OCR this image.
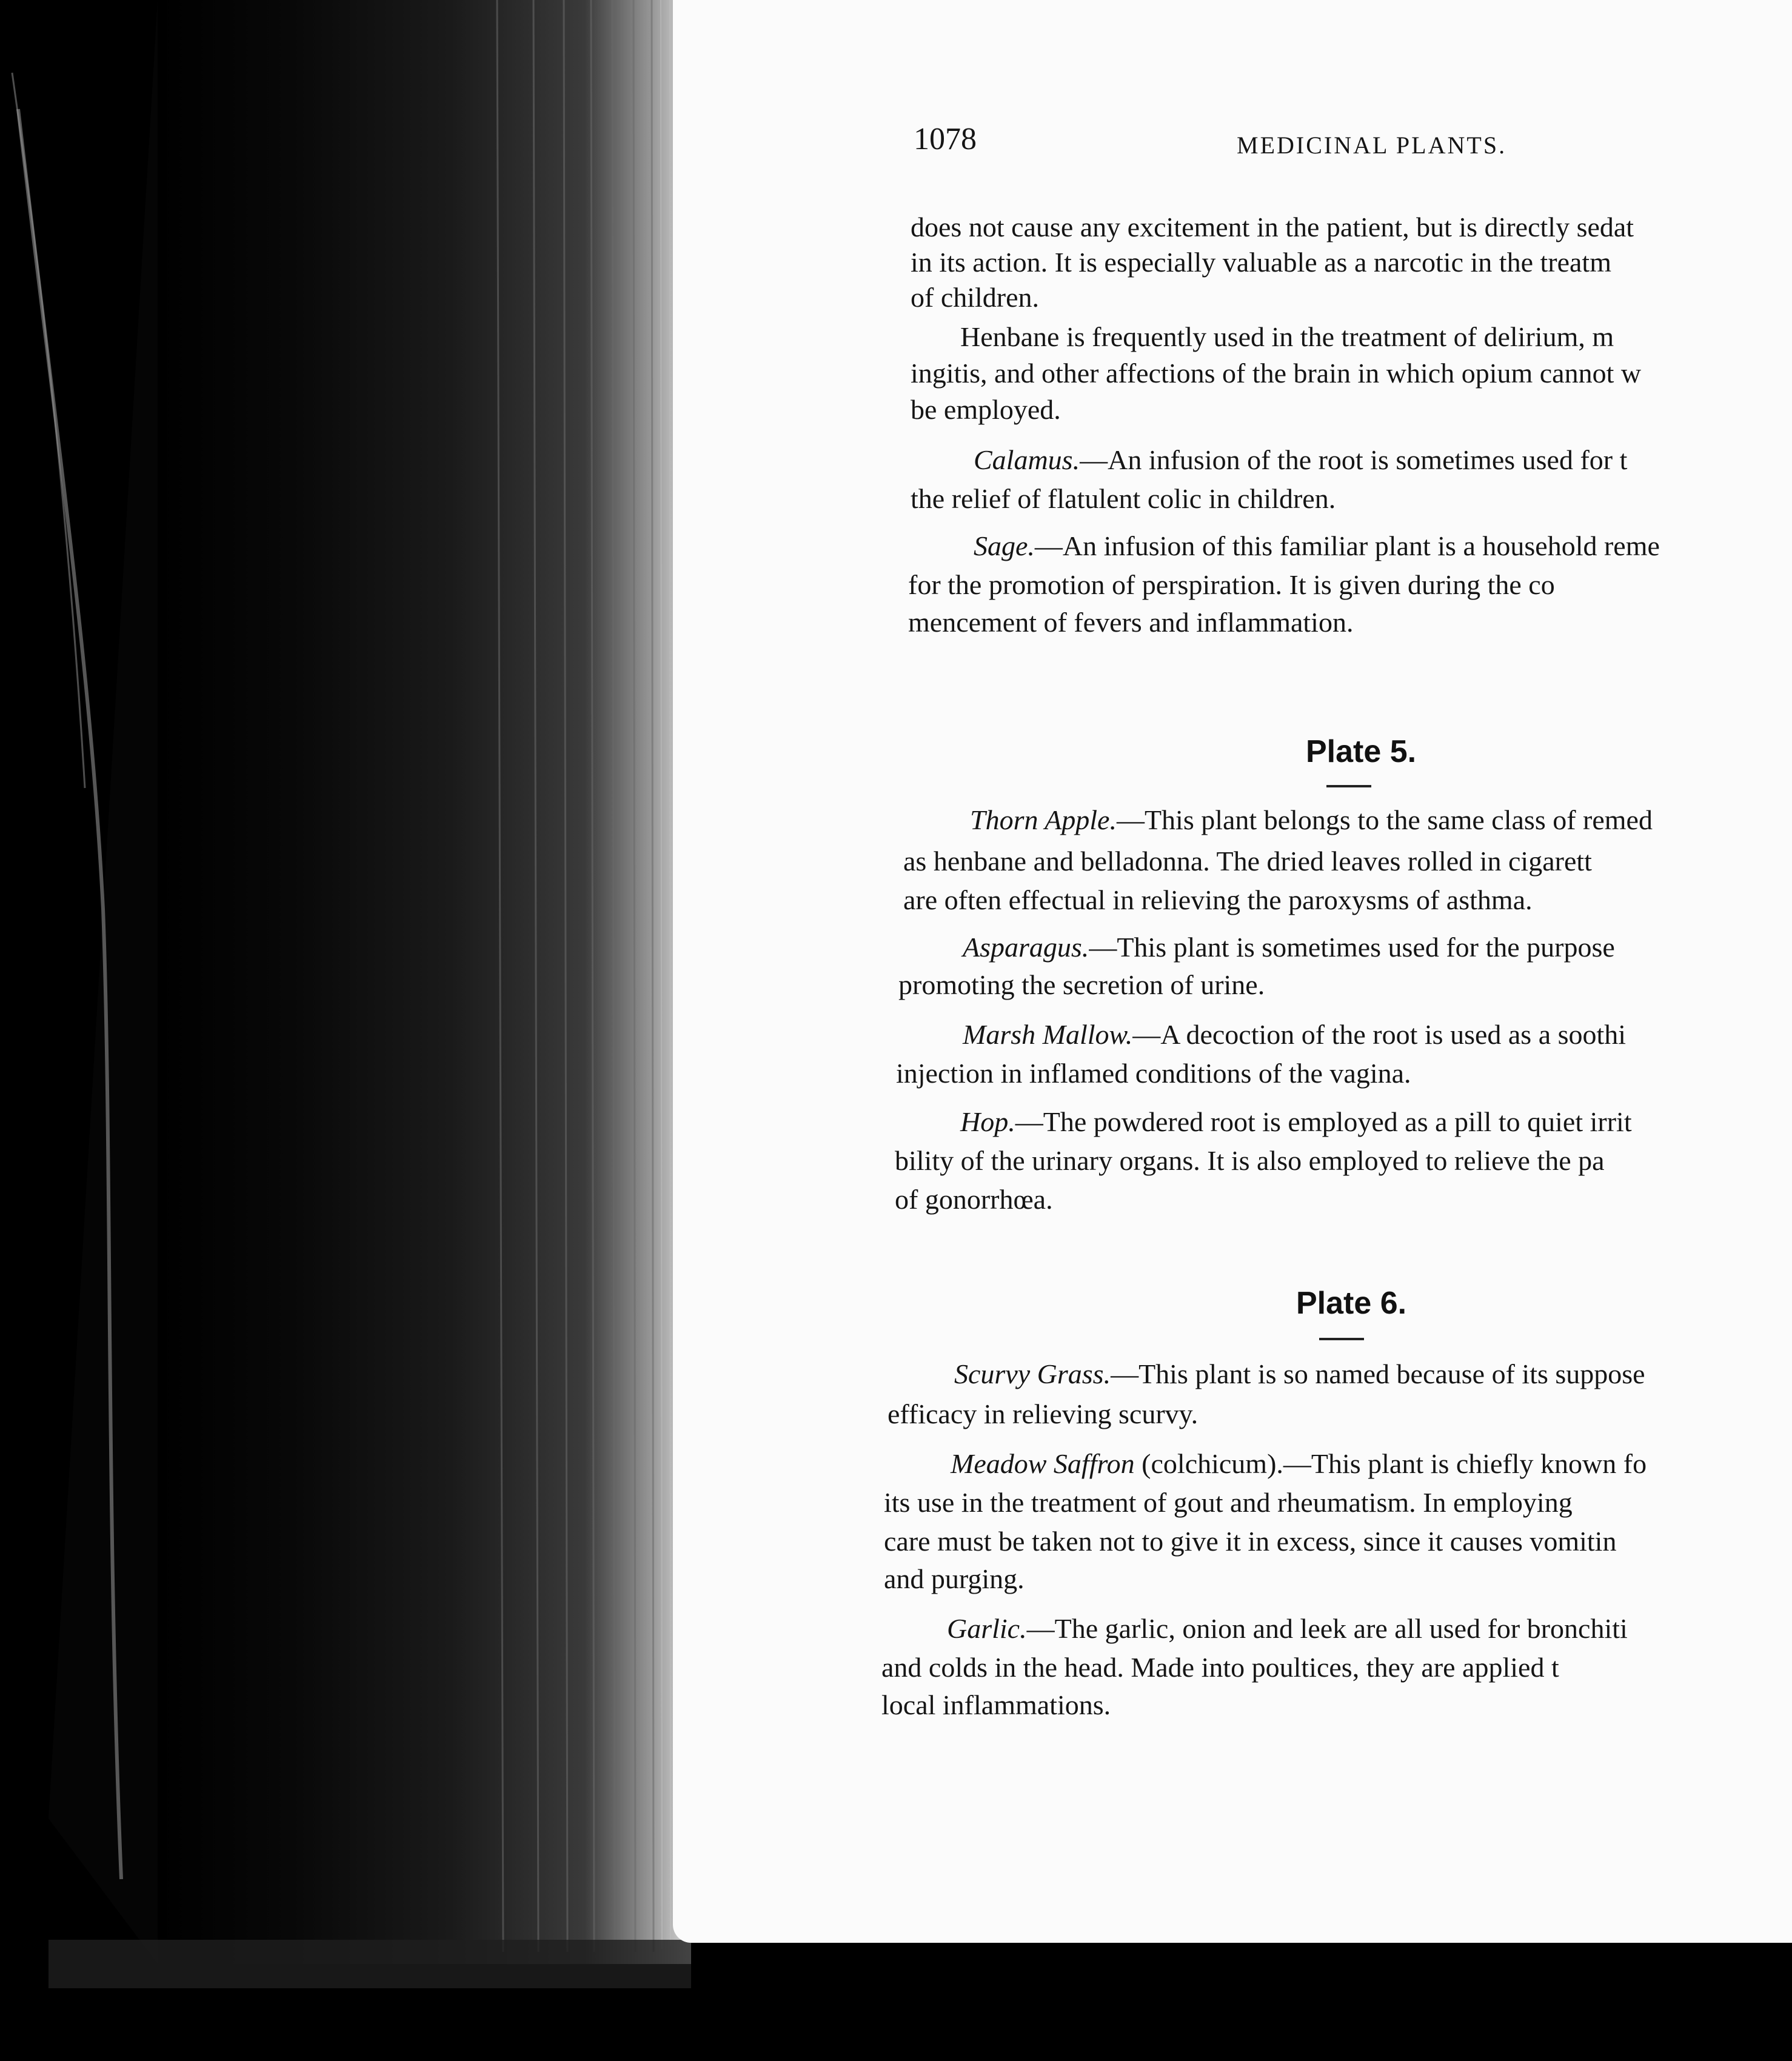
1078	MEDICINAL PLANTS.
does not cause any excitement in the patient, but is directly sedat
in its action. It is especially valuable as a narcotic in the treatm
of children.
Henbane is frequently used in the treatment of delirium, m
ingitis, and other affections of the brain in which opium cannot w
be employed.
Calamus.—An infusion of the root is sometimes used for t
the relief of flatulent colic in children.
Sage.—An infusion of this familiar plant is a household reme
for the promotion of perspiration. It is given during the co
mencement of fevers and inflammation.
Plate 5.
Thorn Apple.—This plant belongs to the same class of remed
as henbane and belladonna. The dried leaves rolled in cigarett
are often effectual in relieving the paroxysms of asthma.
Asparagus.—This plant is sometimes used for the purpose
promoting the secretion of urine.
Marsh Mallow.—A decoction of the root is used as a soothi
injection in inflamed conditions of the vagina.
Hop.—The powdered root is employed as a pill to quiet irrit
bility of the urinary organs. It is also employed to relieve the pa
of gonorrhœa.
Plate 6.
Scurvy Grass.—This plant is so named because of its suppose
efficacy in relieving scurvy.
Meadow Saffron (colchicum).—This plant is chiefly known fo
its use in the treatment of gout and rheumatism. In employing
care must be taken not to give it in excess, since it causes vomitin
and purging.
Garlic.—The garlic, onion and leek are all used for bronchiti
and colds in the head. Made into poultices, they are applied t
local inflammations.
